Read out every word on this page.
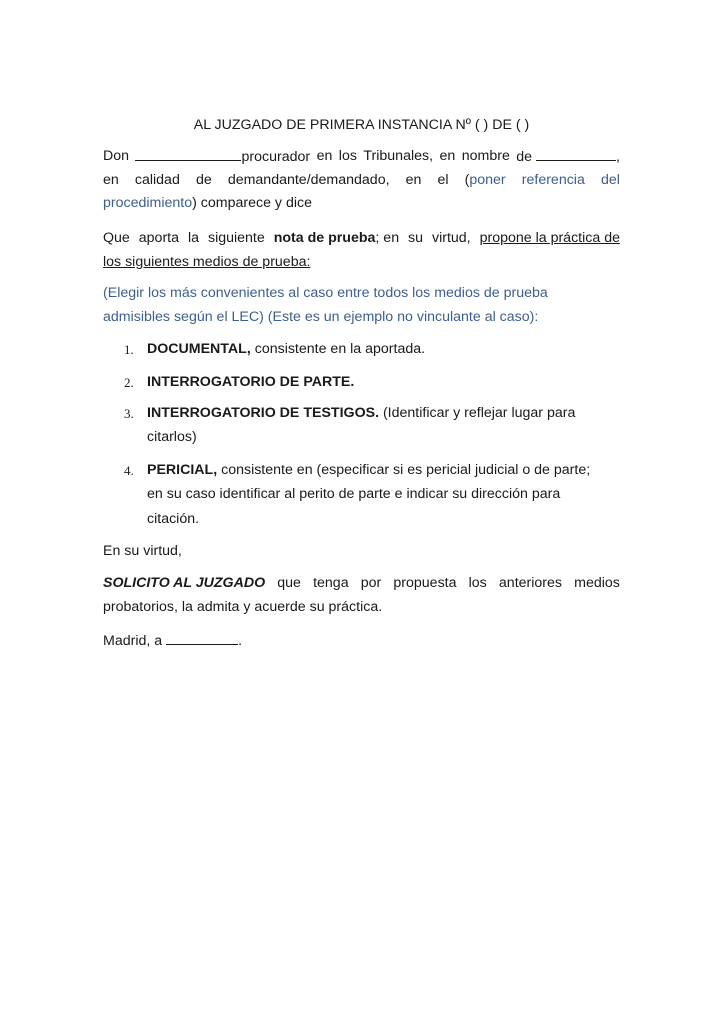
AL JUZGADO DE PRIMERA INSTANCIA Nº ( ) DE ( )
Don	procurador en los Tribunales, en nombre de	,
en calidad de demandante/demandado, en el (poner referencia del
procedimiento) comparece y dice
Que aporta la siguiente nota de prueba; en su virtud, propone la práctica de
los siguientes medios de prueba:
(Elegir los más convenientes al caso entre todos los medios de prueba
admisibles según el LEC) (Este es un ejemplo no vinculante al caso):
1. DOCUMENTAL, consistente en la aportada.
2. INTERROGATORIO DE PARTE.
3. INTERROGATORIO DE TESTIGOS. (Identificar y reflejar lugar para
citarlos)
4. PERICIAL, consistente en (especificar si es pericial judicial o de parte;
en su caso identificar al perito de parte e indicar su dirección para
citación.
En su virtud,
SOLICITO AL JUZGADO que tenga por propuesta los anteriores medios
probatorios, la admita y acuerde su práctica.
Madrid, a	.
